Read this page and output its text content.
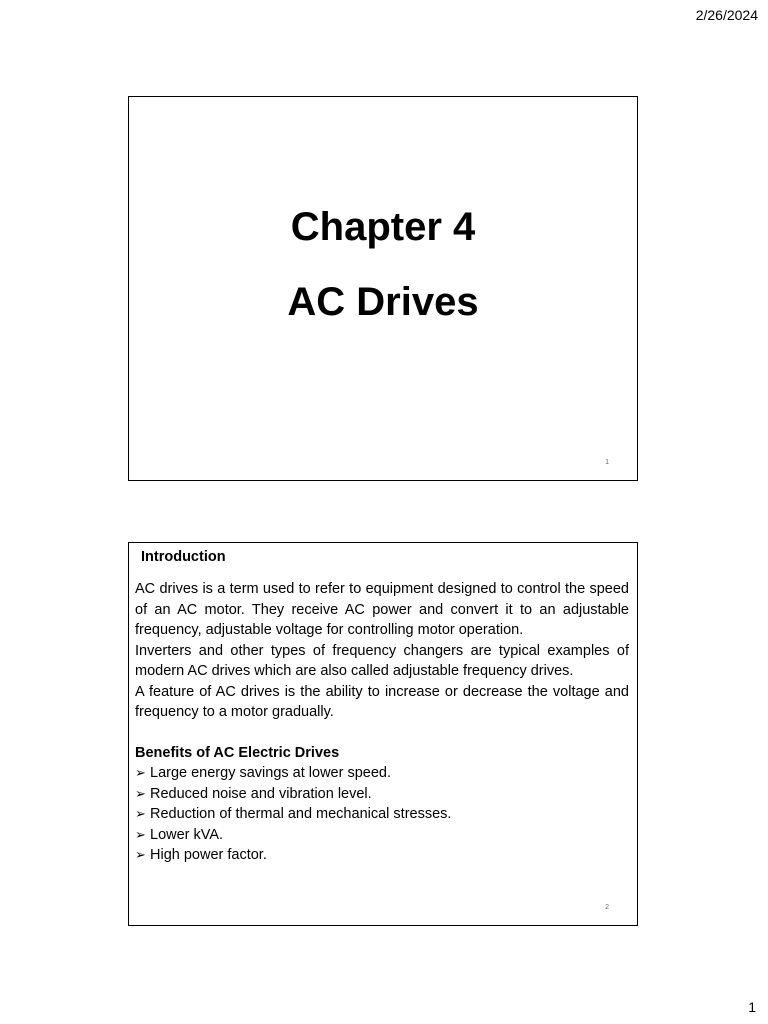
2/26/2024
Chapter 4
AC Drives
1
Introduction

AC drives is a term used to refer to equipment designed to control the speed of an AC motor. They receive AC power and convert it to an adjustable frequency, adjustable voltage for controlling motor operation.

Inverters and other types of frequency changers are typical examples of modern AC drives which are also called adjustable frequency drives.

A feature of AC drives is the ability to increase or decrease the voltage and frequency to a motor gradually.

Benefits of AC Electric Drives
➢ Large energy savings at lower speed.
➢ Reduced noise and vibration level.
➢ Reduction of thermal and mechanical stresses.
➢ Lower kVA.
➢ High power factor.
2
1
